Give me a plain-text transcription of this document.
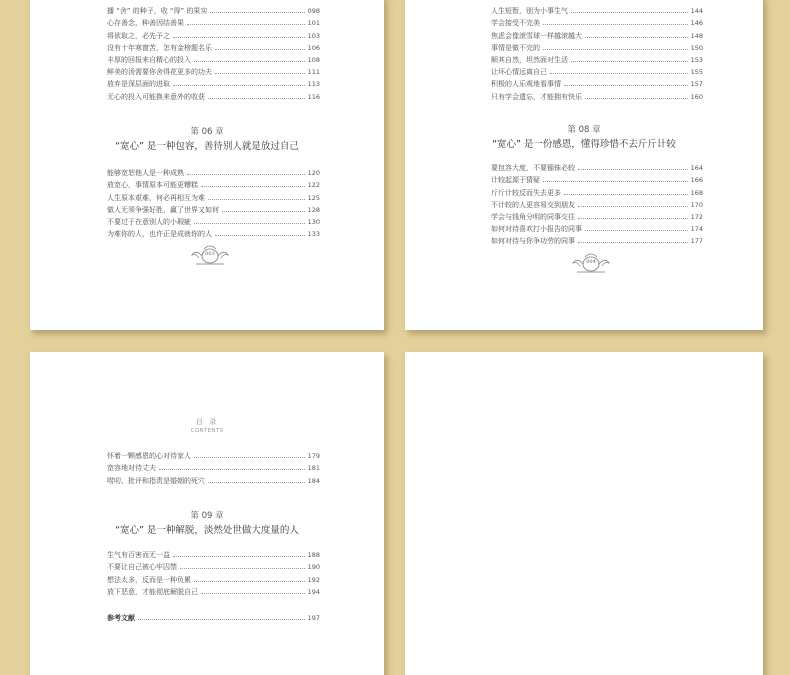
播 “舍” 的种子，收 “得” 的果实	098
心存善念，种善因结善果	101
将欲取之，必先予之	103
没有十年寒窗苦，怎有金榜题名乐	106
丰厚的回报来自精心的投入	108
鲜美的汤需要你舍得花更多的功夫	111
放弃是深层面的进取	113
无心的投入可能换来意外的收获	116
第 06 章
“宽心” 是一种包容，善待别人就是放过自己
能够宽恕他人是一种成熟	120
放宽心，事情原本可能更糟糕	122
人生原本艰难，何必再相互为难	125
做人无须争强好胜，赢了世界又如何	128
不要过于在意别人的小瑕疵	130
为难你的人，也许正是成就你的人	133
003
人生短暂，别为小事生气	144
学会接受不完美	146
焦虑会像滚雪球一样越滚越大	148
事情是做不完的	150
顺其自然，坦然面对生活	153
让坏心情远离自己	155
积极的人乐观地看事情	157
只有学会遗忘，才能拥有快乐	160
第 08 章
“宽心” 是一份感恩，懂得珍惜不去斤斤计较
要包容大度，不要锱铢必较	164
计较起源于猜疑	166
斤斤计较反而失去更多	168
不计较的人更容易交到朋友	170
学会与钱角分明的同事交往	172
如何对待喜欢打小报告的同事	174
如何对待与你争功劳的同事	177
004
目 录
CONTENTS
怀着一颗感恩的心对待家人	179
宽容地对待丈夫	181
唠叨、批评和指责是婚姻的死穴	184
第 09 章
“宽心” 是一种解脱，淡然处世做大度量的人
生气有百害而无一益	188
不要让自己被心牢囚禁	190
想法太多，反而是一种负累	192
放下恶意，才能彻底解脱自己	194
参考文献	197
